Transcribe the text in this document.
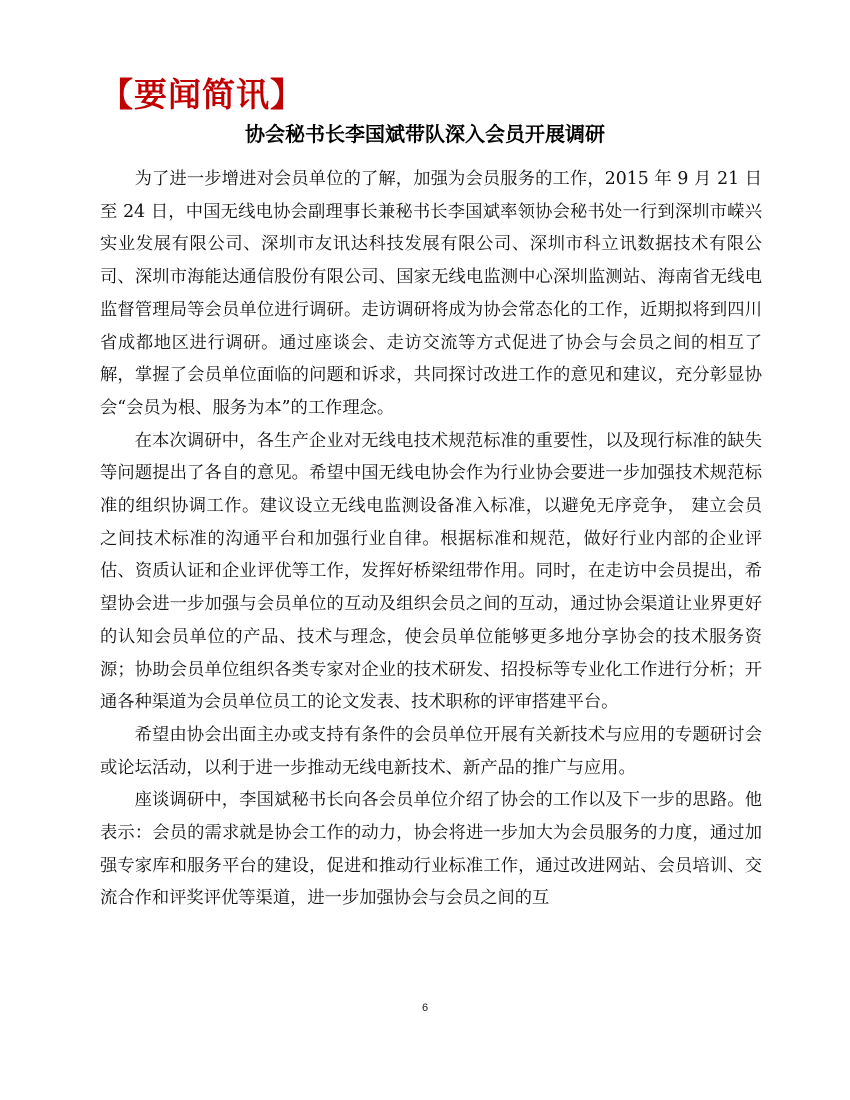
【要闻简讯】
协会秘书长李国斌带队深入会员开展调研

为了进一步增进对会员单位的了解，加强为会员服务的工作，2015 年 9 月 21 日至 24 日，中国无线电协会副理事长兼秘书长李国斌率领协会秘书处一行到深圳市嵘兴实业发展有限公司、深圳市友讯达科技发展有限公司、深圳市科立讯数据技术有限公司、深圳市海能达通信股份有限公司、国家无线电监测中心深圳监测站、海南省无线电监督管理局等会员单位进行调研。走访调研将成为协会常态化的工作，近期拟将到四川省成都地区进行调研。通过座谈会、走访交流等方式促进了协会与会员之间的相互了解，掌握了会员单位面临的问题和诉求，共同探讨改进工作的意见和建议，充分彰显协会“会员为根、服务为本”的工作理念。

在本次调研中，各生产企业对无线电技术规范标准的重要性，以及现行标准的缺失等问题提出了各自的意见。希望中国无线电协会作为行业协会要进一步加强技术规范标准的组织协调工作。建议设立无线电监测设备准入标准，以避免无序竞争， 建立会员之间技术标准的沟通平台和加强行业自律。根据标准和规范，做好行业内部的企业评估、资质认证和企业评优等工作，发挥好桥梁纽带作用。同时，在走访中会员提出，希望协会进一步加强与会员单位的互动及组织会员之间的互动，通过协会渠道让业界更好的认知会员单位的产品、技术与理念，使会员单位能够更多地分享协会的技术服务资源；协助会员单位组织各类专家对企业的技术研发、招投标等专业化工作进行分析；开通各种渠道为会员单位员工的论文发表、技术职称的评审搭建平台。

希望由协会出面主办或支持有条件的会员单位开展有关新技术与应用的专题研讨会或论坛活动，以利于进一步推动无线电新技术、新产品的推广与应用。

座谈调研中，李国斌秘书长向各会员单位介绍了协会的工作以及下一步的思路。他表示：会员的需求就是协会工作的动力，协会将进一步加大为会员服务的力度，通过加强专家库和服务平台的建设，促进和推动行业标准工作，通过改进网站、会员培训、交流合作和评奖评优等渠道，进一步加强协会与会员之间的互

6
